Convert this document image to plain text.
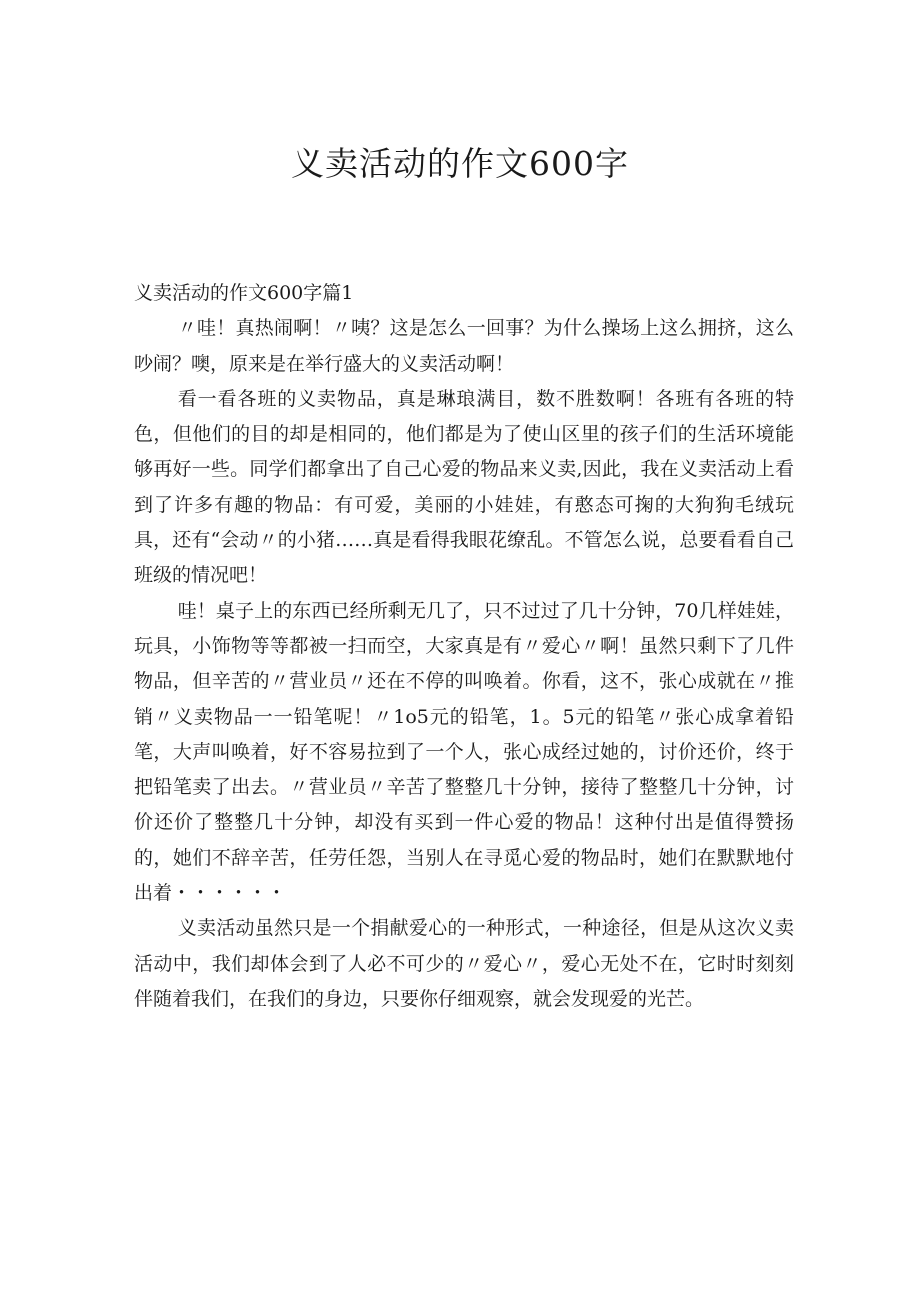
义卖活动的作文600字
义卖活动的作文600字篇1

〃哇！真热闹啊！〃咦？这是怎么一回事？为什么操场上这么拥挤，这么吵闹？噢，原来是在举行盛大的义卖活动啊！

看一看各班的义卖物品，真是琳琅满目，数不胜数啊！各班有各班的特色，但他们的目的却是相同的，他们都是为了使山区里的孩子们的生活环境能够再好一些。同学们都拿出了自己心爱的物品来义卖,因此，我在义卖活动上看到了许多有趣的物品：有可爱，美丽的小娃娃，有憨态可掬的大狗狗毛绒玩具，还有“会动〃的小猪……真是看得我眼花缭乱。不管怎么说，总要看看自己班级的情况吧！

哇！桌子上的东西已经所剩无几了，只不过过了几十分钟，70几样娃娃，玩具，小饰物等等都被一扫而空，大家真是有〃爱心〃啊！虽然只剩下了几件物品，但辛苦的〃营业员〃还在不停的叫唤着。你看，这不，张心成就在〃推销〃义卖物品一一铅笔呢！〃1o5元的铅笔，1。5元的铅笔〃张心成拿着铅笔，大声叫唤着，好不容易拉到了一个人，张心成经过她的，讨价还价，终于把铅笔卖了出去。〃营业员〃辛苦了整整几十分钟，接待了整整几十分钟，讨价还价了整整几十分钟，却没有买到一件心爱的物品！这种付出是值得赞扬的，她们不辞辛苦，任劳任怨，当别人在寻觅心爱的物品时，她们在默默地付出着・・・・・・

义卖活动虽然只是一个捐献爱心的一种形式，一种途径，但是从这次义卖活动中，我们却体会到了人必不可少的〃爱心〃，爱心无处不在，它时时刻刻伴随着我们，在我们的身边，只要你仔细观察，就会发现爱的光芒。
